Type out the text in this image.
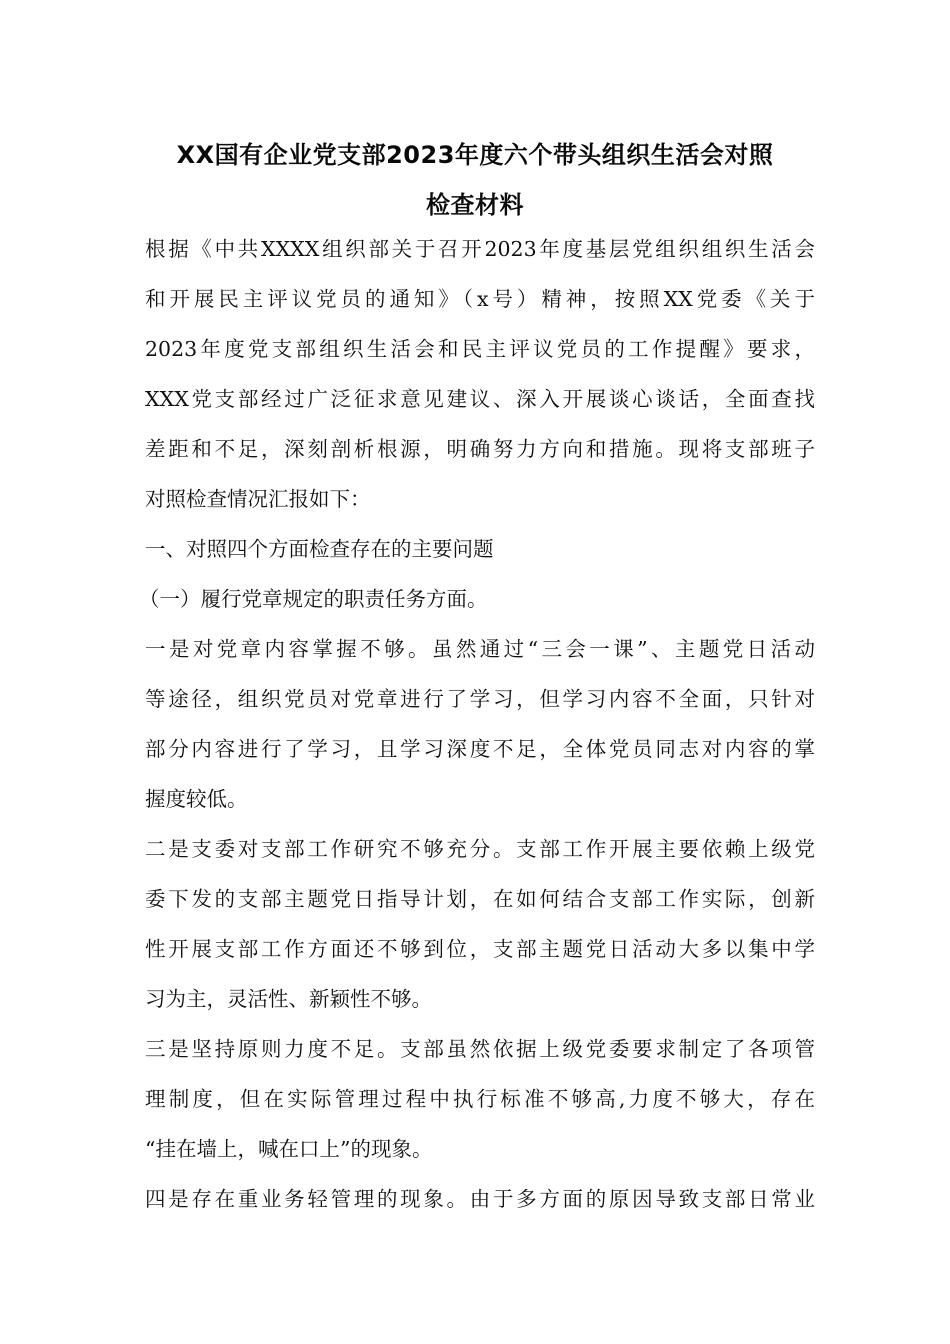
XX国有企业党支部2023年度六个带头组织生活会对照
检查材料
根据《中共XXXX组织部关于召开2023年度基层党组织组织生活会
和开展民主评议党员的通知》（x号）精神，按照XX党委《关于
2023年度党支部组织生活会和民主评议党员的工作提醒》要求，
XXX党支部经过广泛征求意见建议、深入开展谈心谈话，全面查找
差距和不足，深刻剖析根源，明确努力方向和措施。现将支部班子
对照检查情况汇报如下：
一、对照四个方面检查存在的主要问题
（一）履行党章规定的职责任务方面。
一是对党章内容掌握不够。虽然通过“三会一课”、主题党日活动
等途径，组织党员对党章进行了学习，但学习内容不全面，只针对
部分内容进行了学习，且学习深度不足，全体党员同志对内容的掌
握度较低。
二是支委对支部工作研究不够充分。支部工作开展主要依赖上级党
委下发的支部主题党日指导计划，在如何结合支部工作实际，创新
性开展支部工作方面还不够到位，支部主题党日活动大多以集中学
习为主，灵活性、新颖性不够。
三是坚持原则力度不足。支部虽然依据上级党委要求制定了各项管
理制度，但在实际管理过程中执行标准不够高,力度不够大，存在
“挂在墙上，喊在口上”的现象。
四是存在重业务轻管理的现象。由于多方面的原因导致支部日常业
